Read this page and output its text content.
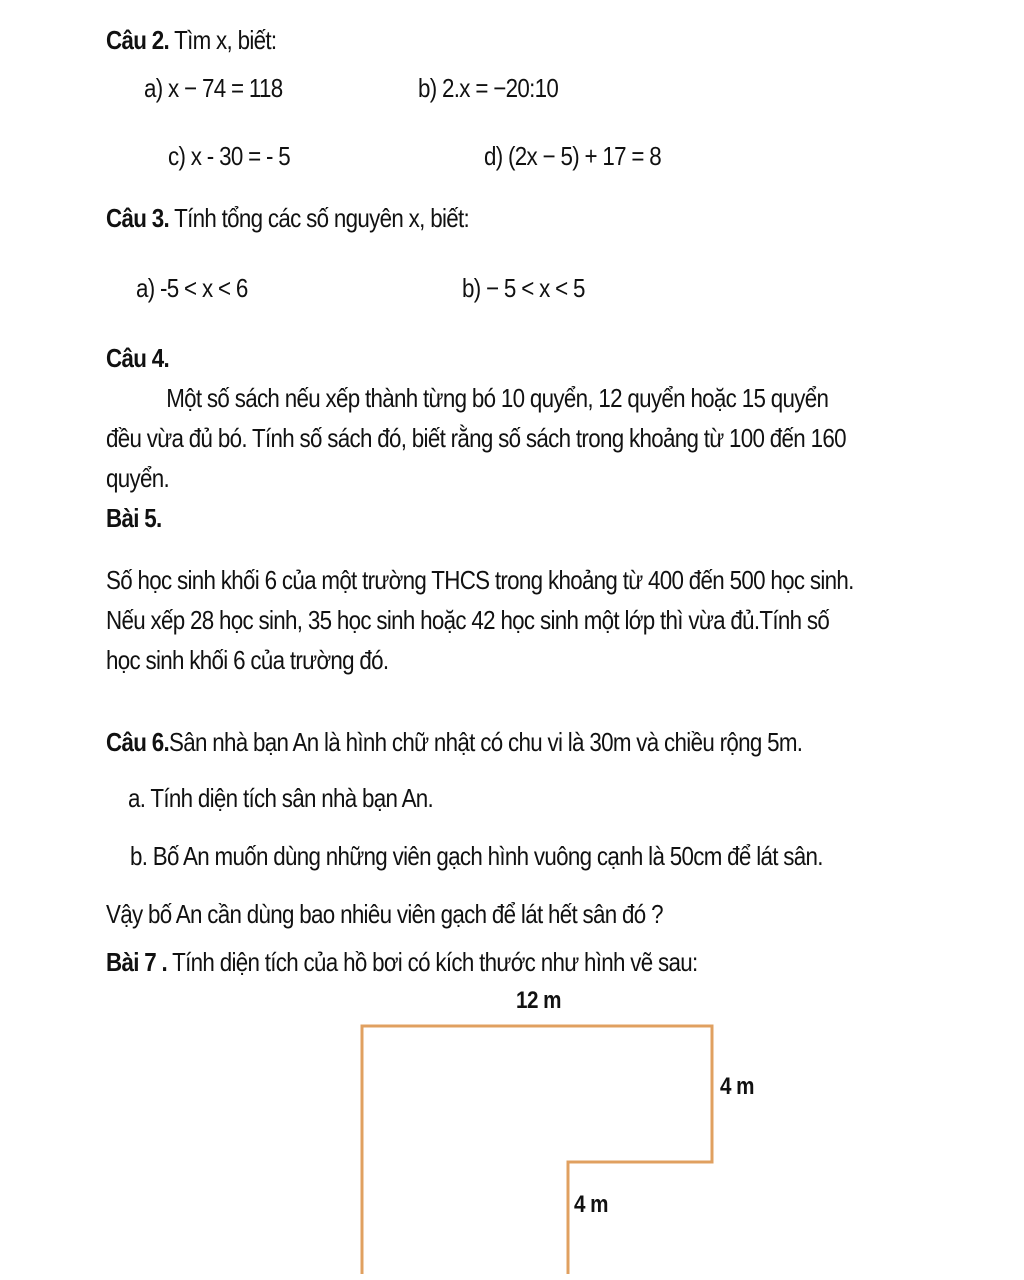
Câu 2. Tìm x, biết:
a) x − 74 = 118	b) 2.x = −20:10
c) x - 30 = - 5	d) (2x − 5) + 17 = 8
Câu 3. Tính tổng các số nguyên x, biết:
a) -5 < x < 6	b) − 5 < x < 5
Câu 4.
Một số sách nếu xếp thành từng bó 10 quyển, 12 quyển hoặc 15 quyển đều vừa đủ bó. Tính số sách đó, biết rằng số sách trong khoảng từ 100 đến 160 quyển.
Bài 5.
Số học sinh khối 6 của một trường THCS trong khoảng từ 400 đến 500 học sinh. Nếu xếp 28 học sinh, 35 học sinh hoặc 42 học sinh một lớp thì vừa đủ.Tính số học sinh khối 6 của trường đó.
Câu 6.Sân nhà bạn An là hình chữ nhật có chu vi là 30m và chiều rộng 5m.
a. Tính diện tích sân nhà bạn An.
b. Bố An muốn dùng những viên gạch hình vuông cạnh là 50cm để lát sân.
Vậy bố An cần dùng bao nhiêu viên gạch để lát hết sân đó ?
Bài 7 . Tính diện tích của hồ bơi có kích thước như hình vẽ sau:
12 m
4 m
4 m
